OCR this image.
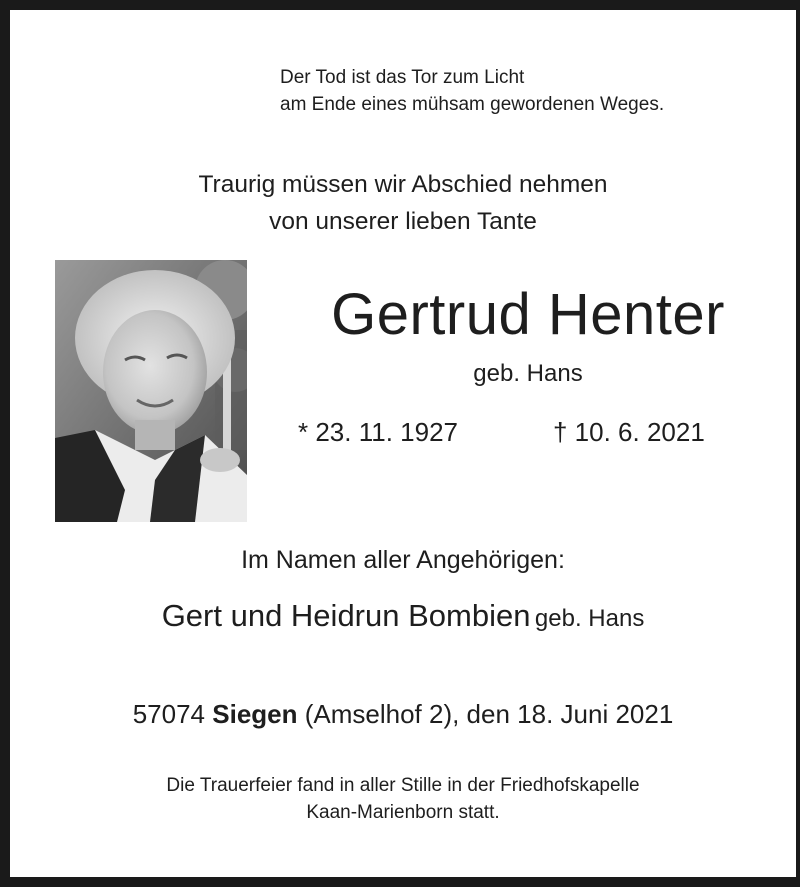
Der Tod ist das Tor zum Licht
am Ende eines mühsam gewordenen Weges.
Traurig müssen wir Abschied nehmen
von unserer lieben Tante
Gertrud Henter
geb. Hans
* 23. 11. 1927	† 10. 6. 2021
Im Namen aller Angehörigen:
Gert und Heidrun Bombien geb. Hans
57074 Siegen (Amselhof 2), den 18. Juni 2021
Die Trauerfeier fand in aller Stille in der Friedhofskapelle
Kaan-Marienborn statt.
